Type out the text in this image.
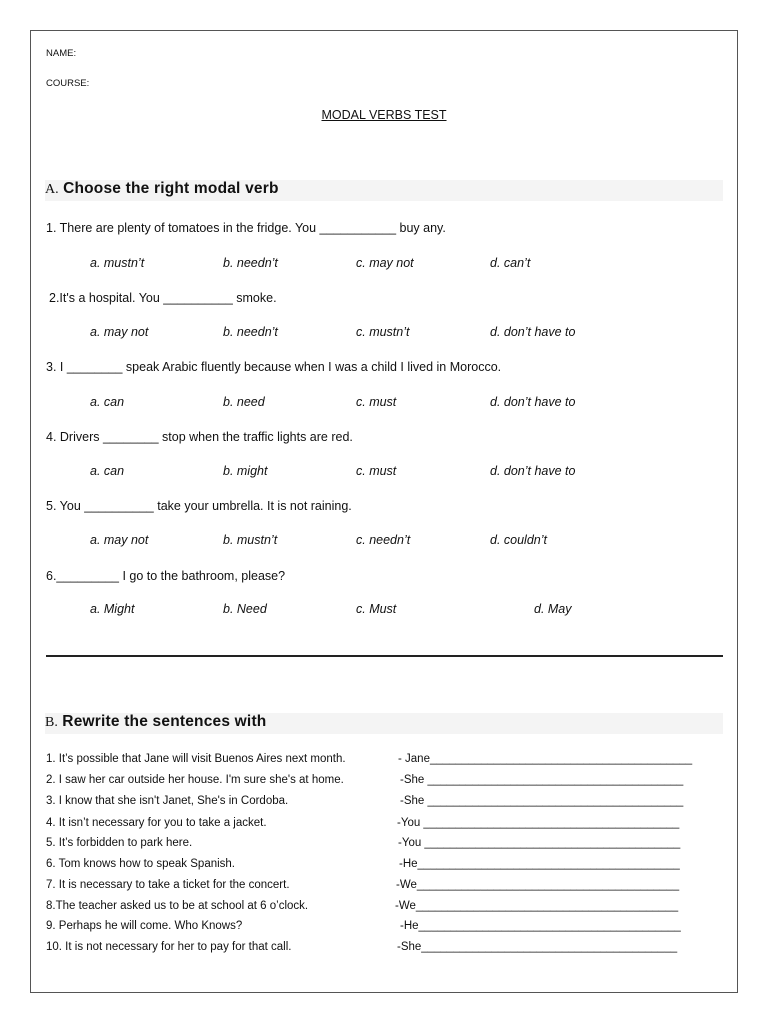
NAME:
COURSE:
MODAL VERBS TEST
A. Choose the right modal verb
1. There are plenty of tomatoes in the fridge. You ___________ buy any.
a. mustn’t	b. needn’t	c. may not	d. can’t
2.It's a hospital. You __________ smoke.
a. may not	b. needn’t	c. mustn’t	d. don’t have to
3. I ________ speak Arabic fluently because when I was a child I lived in Morocco.
a. can	b. need	c. must	d. don’t have to
4. Drivers ________ stop when the traffic lights are red.
a. can	b. might	c. must	d. don’t have to
5. You __________ take your umbrella. It is not raining.
a. may not	b. mustn’t	c. needn’t	d. couldn’t
6._________ I go to the bathroom, please?
a. Might	b. Need	c. Must	d. May
B. Rewrite the sentences with
1. It’s possible that Jane will visit Buenos Aires next month.	- Jane_________________________________________
2. I saw her car outside her house. I'm sure she's at home.	-She ________________________________________
3. I know that she isn't Janet, She's in Cordoba.	-She ________________________________________
4. It isn’t necessary for you to take a jacket.	-You ________________________________________
5. It’s forbidden to park here.	-You ________________________________________
6. Tom knows how to speak Spanish.	-He_________________________________________
7. It is necessary to take a ticket for the concert.	-We_________________________________________
8.The teacher asked us to be at school at 6 o’clock.	-We_________________________________________
9. Perhaps he will come. Who Knows?	-He_________________________________________
10. It is not necessary for her to pay for that call.	-She________________________________________
